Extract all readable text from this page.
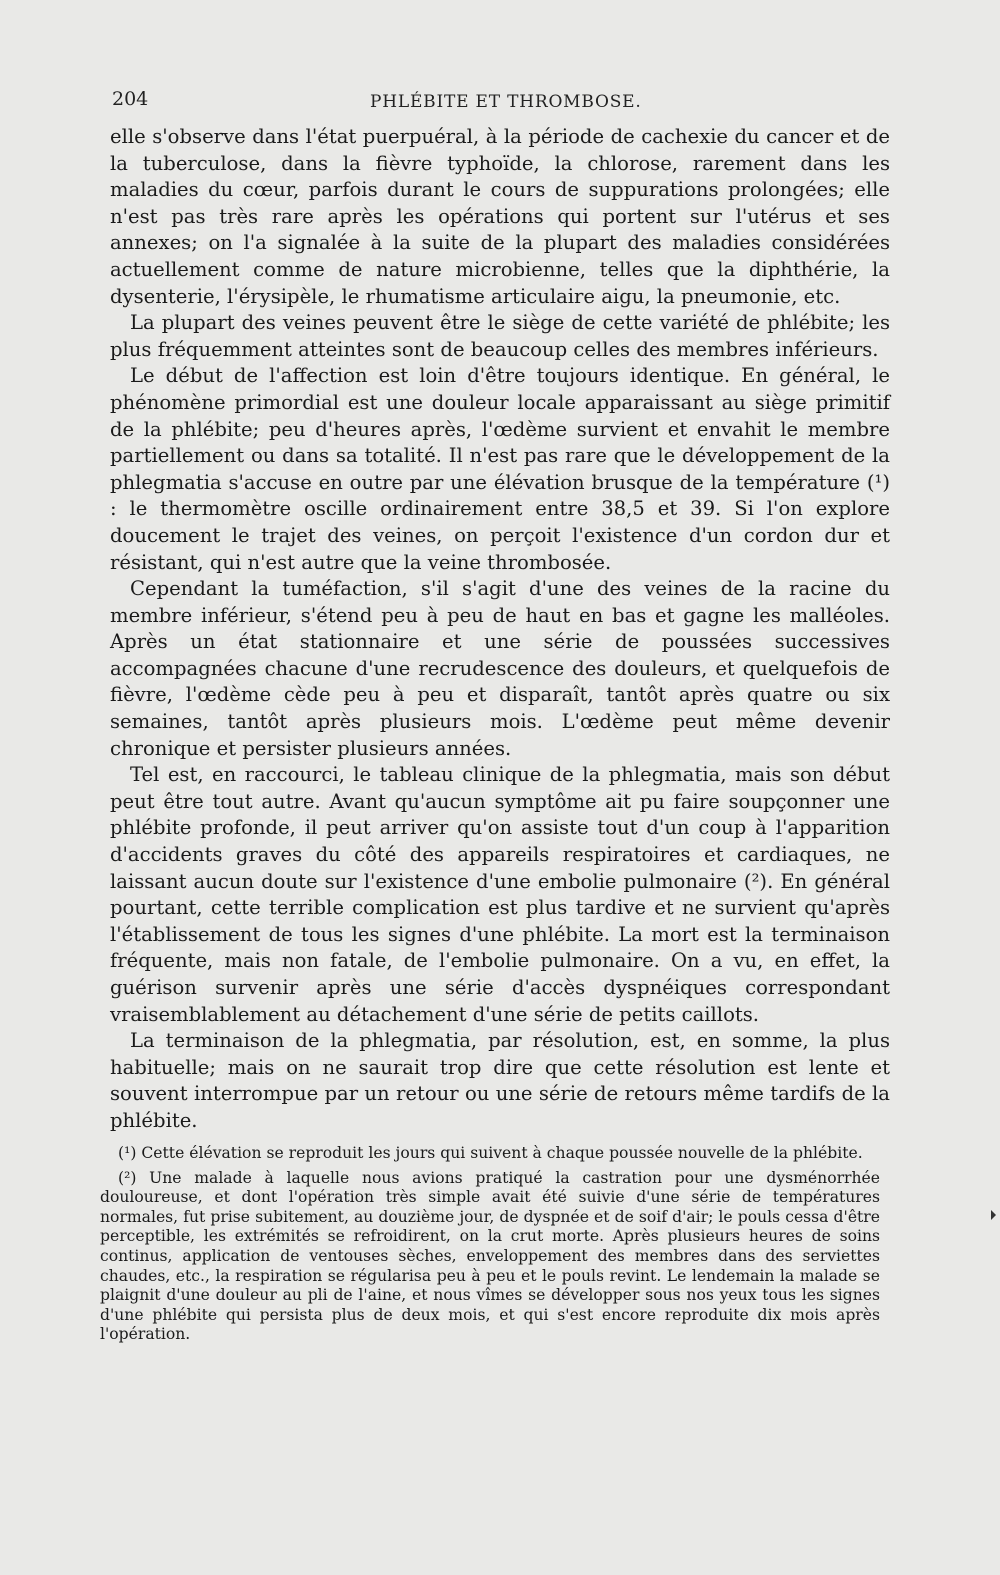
204	PHLÉBITE ET THROMBOSE.

elle s'observe dans l'état puerpuéral, à la période de cachexie du cancer et de la tuberculose, dans la fièvre typhoïde, la chlorose, rarement dans les maladies du cœur, parfois durant le cours de suppurations prolongées; elle n'est pas très rare après les opérations qui portent sur l'utérus et ses annexes; on l'a signalée à la suite de la plupart des maladies considérées actuellement comme de nature microbienne, telles que la diphthérie, la dysenterie, l'érysipèle, le rhumatisme articulaire aigu, la pneumonie, etc.

La plupart des veines peuvent être le siège de cette variété de phlébite; les plus fréquemment atteintes sont de beaucoup celles des membres inférieurs.

Le début de l'affection est loin d'être toujours identique. En général, le phénomène primordial est une douleur locale apparaissant au siège primitif de la phlébite; peu d'heures après, l'œdème survient et envahit le membre partiellement ou dans sa totalité. Il n'est pas rare que le développement de la phlegmatia s'accuse en outre par une élévation brusque de la température (¹) : le thermomètre oscille ordinairement entre 38,5 et 39. Si l'on explore doucement le trajet des veines, on perçoit l'existence d'un cordon dur et résistant, qui n'est autre que la veine thrombosée.

Cependant la tuméfaction, s'il s'agit d'une des veines de la racine du membre inférieur, s'étend peu à peu de haut en bas et gagne les malléoles. Après un état stationnaire et une série de poussées successives accompagnées chacune d'une recrudescence des douleurs, et quelquefois de fièvre, l'œdème cède peu à peu et disparaît, tantôt après quatre ou six semaines, tantôt après plusieurs mois. L'œdème peut même devenir chronique et persister plusieurs années.

Tel est, en raccourci, le tableau clinique de la phlegmatia, mais son début peut être tout autre. Avant qu'aucun symptôme ait pu faire soupçonner une phlébite profonde, il peut arriver qu'on assiste tout d'un coup à l'apparition d'accidents graves du côté des appareils respiratoires et cardiaques, ne laissant aucun doute sur l'existence d'une embolie pulmonaire (²). En général pourtant, cette terrible complication est plus tardive et ne survient qu'après l'établissement de tous les signes d'une phlébite. La mort est la terminaison fréquente, mais non fatale, de l'embolie pulmonaire. On a vu, en effet, la guérison survenir après une série d'accès dyspnéiques correspondant vraisemblablement au détachement d'une série de petits caillots.

La terminaison de la phlegmatia, par résolution, est, en somme, la plus habituelle; mais on ne saurait trop dire que cette résolution est lente et souvent interrompue par un retour ou une série de retours même tardifs de la phlébite.

(¹) Cette élévation se reproduit les jours qui suivent à chaque poussée nouvelle de la phlébite.

(²) Une malade à laquelle nous avions pratiqué la castration pour une dysménorrhée douloureuse, et dont l'opération très simple avait été suivie d'une série de températures normales, fut prise subitement, au douzième jour, de dyspnée et de soif d'air; le pouls cessa d'être perceptible, les extrémités se refroidirent, on la crut morte. Après plusieurs heures de soins continus, application de ventouses sèches, enveloppement des membres dans des serviettes chaudes, etc., la respiration se régularisa peu à peu et le pouls revint. Le lendemain la malade se plaignit d'une douleur au pli de l'aine, et nous vîmes se développer sous nos yeux tous les signes d'une phlébite qui persista plus de deux mois, et qui s'est encore reproduite dix mois après l'opération.
